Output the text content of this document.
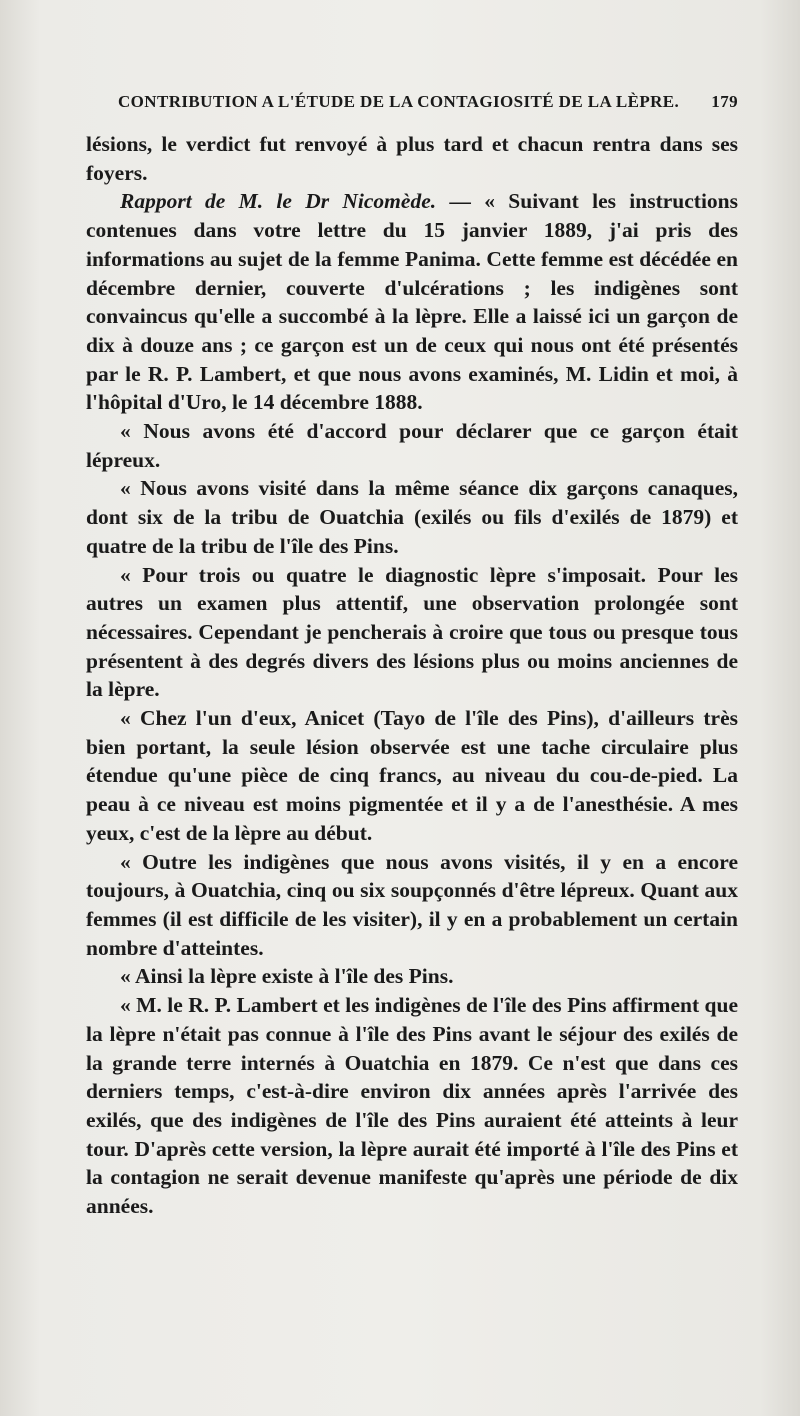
CONTRIBUTION A L'ÉTUDE DE LA CONTAGIOSITÉ DE LA LÈPRE. 179

lésions, le verdict fut renvoyé à plus tard et chacun rentra dans ses foyers.

Rapport de M. le Dr Nicomède. — « Suivant les instructions contenues dans votre lettre du 15 janvier 1889, j'ai pris des informations au sujet de la femme Panima. Cette femme est décédée en décembre dernier, couverte d'ulcérations ; les indigènes sont convaincus qu'elle a succombé à la lèpre. Elle a laissé ici un garçon de dix à douze ans ; ce garçon est un de ceux qui nous ont été présentés par le R. P. Lambert, et que nous avons examinés, M. Lidin et moi, à l'hôpital d'Uro, le 14 décembre 1888.

« Nous avons été d'accord pour déclarer que ce garçon était lépreux.

« Nous avons visité dans la même séance dix garçons canaques, dont six de la tribu de Ouatchia (exilés ou fils d'exilés de 1879) et quatre de la tribu de l'île des Pins.

« Pour trois ou quatre le diagnostic lèpre s'imposait. Pour les autres un examen plus attentif, une observation prolongée sont nécessaires. Cependant je pencherais à croire que tous ou presque tous présentent à des degrés divers des lésions plus ou moins anciennes de la lèpre.

« Chez l'un d'eux, Anicet (Tayo de l'île des Pins), d'ailleurs très bien portant, la seule lésion observée est une tache circulaire plus étendue qu'une pièce de cinq francs, au niveau du cou-de-pied. La peau à ce niveau est moins pigmentée et il y a de l'anesthésie. A mes yeux, c'est de la lèpre au début.

« Outre les indigènes que nous avons visités, il y en a encore toujours, à Ouatchia, cinq ou six soupçonnés d'être lépreux. Quant aux femmes (il est difficile de les visiter), il y en a probablement un certain nombre d'atteintes.

« Ainsi la lèpre existe à l'île des Pins.

« M. le R. P. Lambert et les indigènes de l'île des Pins affirment que la lèpre n'était pas connue à l'île des Pins avant le séjour des exilés de la grande terre internés à Ouatchia en 1879. Ce n'est que dans ces derniers temps, c'est-à-dire environ dix années après l'arrivée des exilés, que des indigènes de l'île des Pins auraient été atteints à leur tour. D'après cette version, la lèpre aurait été importé à l'île des Pins et la contagion ne serait devenue manifeste qu'après une période de dix années.
